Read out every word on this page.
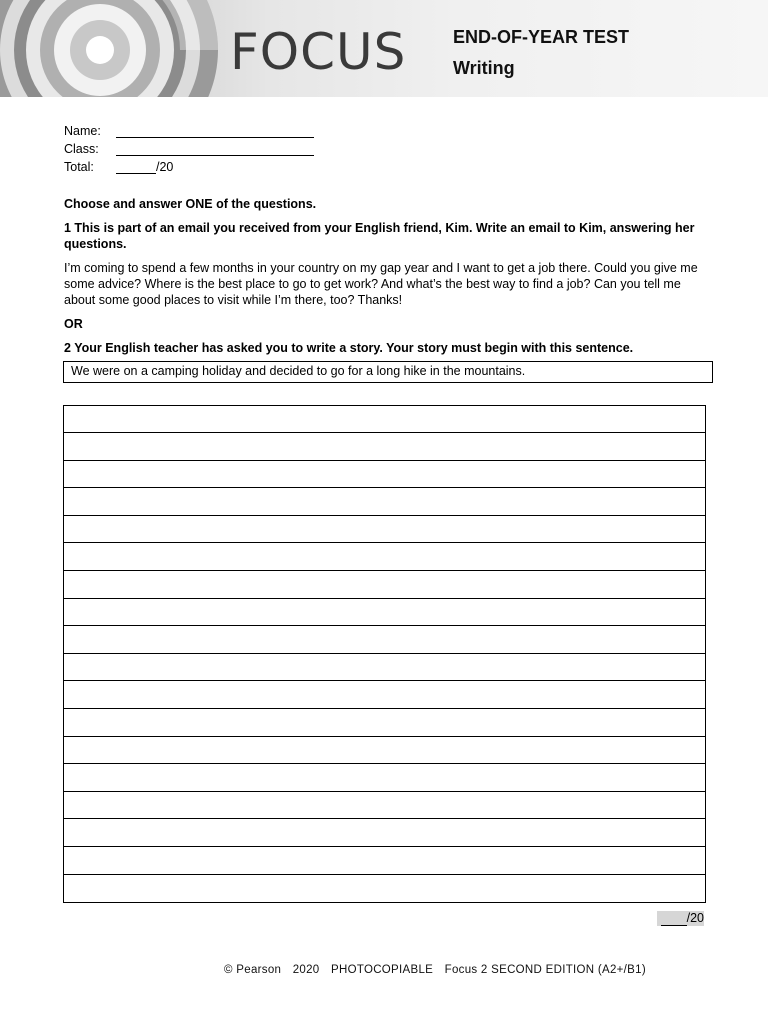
FOCUS	END-OF-YEAR TEST
Writing
Name:
Class:
Total:	/20

Choose and answer ONE of the questions.

1 This is part of an email you received from your English friend, Kim. Write an email to Kim, answering her questions.

I’m coming to spend a few months in your country on my gap year and I want to get a job there. Could you give me some advice? Where is the best place to go to get work? And what’s the best way to find a job? Can you tell me about some good places to visit while I’m there, too? Thanks!

OR

2 Your English teacher has asked you to write a story. Your story must begin with this sentence.

We were on a camping holiday and decided to go for a long hike in the mountains.
/20
© Pearson 2020 PHOTOCOPIABLE Focus 2 SECOND EDITION (A2+/B1)
